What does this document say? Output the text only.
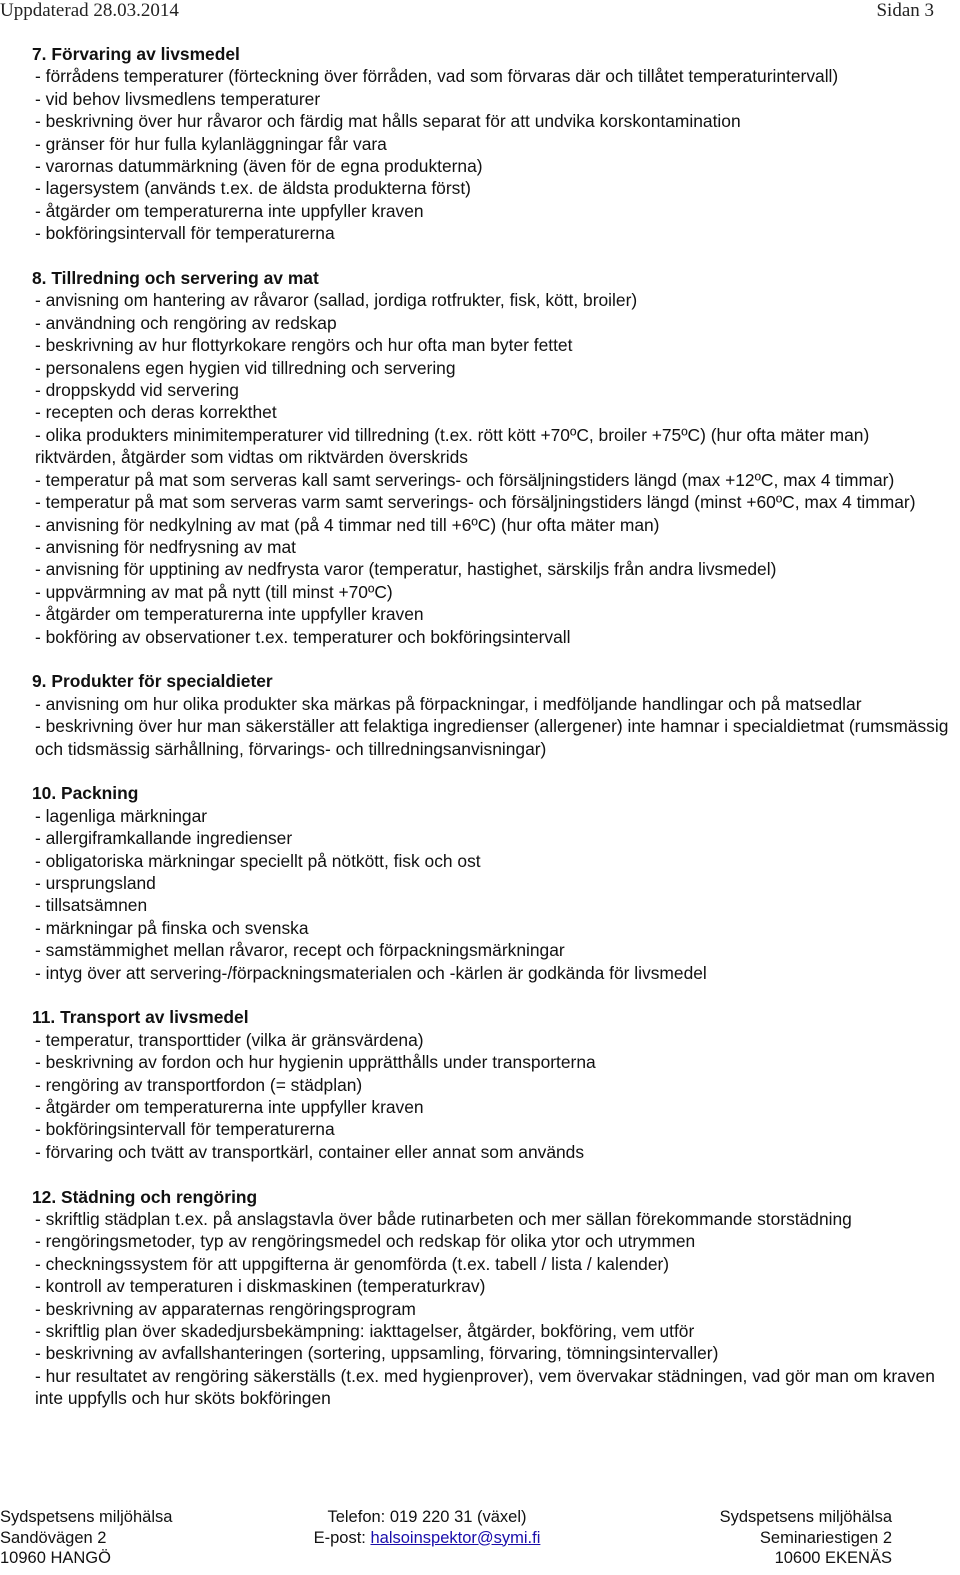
Uppdaterad 28.03.2014	Sidan 3

7. Förvaring av livsmedel

- förrådens temperaturer (förteckning över förråden, vad som förvaras där och tillåtet temperaturintervall)
- vid behov livsmedlens temperaturer
- beskrivning över hur råvaror och färdig mat hålls separat för att undvika korskontamination
- gränser för hur fulla kylanläggningar får vara
- varornas datummärkning (även för de egna produkterna)
- lagersystem (används t.ex. de äldsta produkterna först)
- åtgärder om temperaturerna inte uppfyller kraven
- bokföringsintervall för temperaturerna

8. Tillredning och servering av mat

- anvisning om hantering av råvaror (sallad, jordiga rotfrukter, fisk, kött, broiler)
- användning och rengöring av redskap
- beskrivning av hur flottyrkokare rengörs och hur ofta man byter fettet
- personalens egen hygien vid tillredning och servering
- droppskydd vid servering
- recepten och deras korrekthet
- olika produkters minimitemperaturer vid tillredning (t.ex. rött kött +70ºC, broiler +75ºC) (hur ofta mäter man) riktvärden, åtgärder som vidtas om riktvärden överskrids
- temperatur på mat som serveras kall samt serverings- och försäljningstiders längd (max +12ºC, max 4 timmar)
- temperatur på mat som serveras varm samt serverings- och försäljningstiders längd (minst +60ºC, max 4 timmar)
- anvisning för nedkylning av mat (på 4 timmar ned till +6ºC) (hur ofta mäter man)
- anvisning för nedfrysning av mat
- anvisning för upptining av nedfrysta varor (temperatur, hastighet, särskiljs från andra livsmedel)
- uppvärmning av mat på nytt (till minst +70ºC)
- åtgärder om temperaturerna inte uppfyller kraven
- bokföring av observationer t.ex. temperaturer och bokföringsintervall

9. Produkter för specialdieter

- anvisning om hur olika produkter ska märkas på förpackningar, i medföljande handlingar och på matsedlar
- beskrivning över hur man säkerställer att felaktiga ingredienser (allergener) inte hamnar i specialdietmat (rumsmässig och tidsmässig särhållning, förvarings- och tillredningsanvisningar)

10. Packning

- lagenliga märkningar
- allergiframkallande ingredienser
- obligatoriska märkningar speciellt på nötkött, fisk och ost
- ursprungsland
- tillsatsämnen
- märkningar på finska och svenska
- samstämmighet mellan råvaror, recept och förpackningsmärkningar
- intyg över att servering-/förpackningsmaterialen och -kärlen är godkända för livsmedel

11. Transport av livsmedel

- temperatur, transporttider (vilka är gränsvärdena)
- beskrivning av fordon och hur hygienin upprätthålls under transporterna
- rengöring av transportfordon (= städplan)
- åtgärder om temperaturerna inte uppfyller kraven
- bokföringsintervall för temperaturerna
- förvaring och tvätt av transportkärl, container eller annat som används

12. Städning och rengöring

- skriftlig städplan t.ex. på anslagstavla över både rutinarbeten och mer sällan förekommande storstädning
- rengöringsmetoder, typ av rengöringsmedel och redskap för olika ytor och utrymmen
- checkningssystem för att uppgifterna är genomförda (t.ex. tabell / lista / kalender)
- kontroll av temperaturen i diskmaskinen (temperaturkrav)
- beskrivning av apparaternas rengöringsprogram
- skriftlig plan över skadedjursbekämpning: iakttagelser, åtgärder, bokföring, vem utför
- beskrivning av avfallshanteringen (sortering, uppsamling, förvaring, tömningsintervaller)
- hur resultatet av rengöring säkerställs (t.ex. med hygienprover), vem övervakar städningen, vad gör man om kraven inte uppfylls och hur sköts bokföringen
Sydspetsens miljöhälsa
Sandövägen 2
10960 HANGÖ
Telefon: 019 220 31 (växel)
E-post: halsoinspektor@symi.fi
Sydspetsens miljöhälsa
Seminariestigen 2
10600 EKENÄS
